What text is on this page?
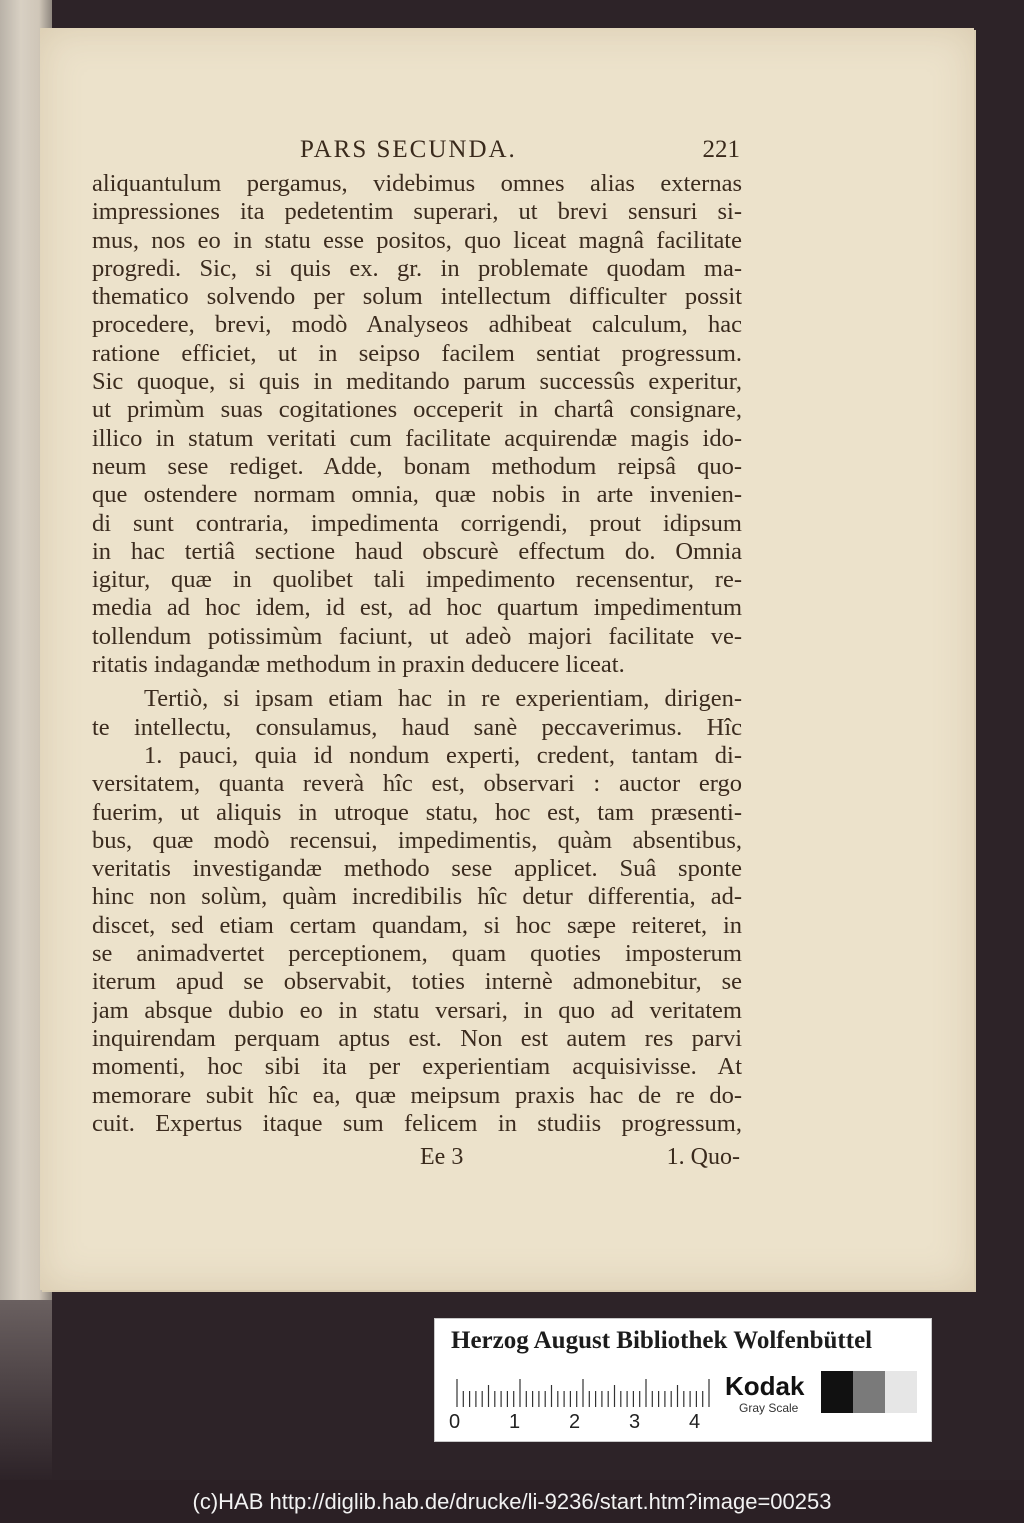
PARS SECUNDA.	221
aliquantulum pergamus, videbimus omnes alias externas
impressiones ita pedetentim superari, ut brevi sensuri si-
mus, nos eo in statu esse positos, quo liceat magnâ facilitate
progredi. Sic, si quis ex. gr. in problemate quodam ma-
thematico solvendo per solum intellectum difficulter possit
procedere, brevi, modò Analyseos adhibeat calculum, hac
ratione efficiet, ut in seipso facilem sentiat progressum.
Sic quoque, si quis in meditando parum successûs experitur,
ut primùm suas cogitationes occeperit in chartâ consignare,
illico in statum veritati cum facilitate acquirendæ magis ido-
neum sese rediget. Adde, bonam methodum reipsâ quo-
que ostendere normam omnia, quæ nobis in arte invenien-
di sunt contraria, impedimenta corrigendi, prout idipsum
in hac tertiâ sectione haud obscurè effectum do. Omnia
igitur, quæ in quolibet tali impedimento recensentur, re-
media ad hoc idem, id est, ad hoc quartum impedimentum
tollendum potissimùm faciunt, ut adeò majori facilitate ve-
ritatis indagandæ methodum in praxin deducere liceat.
Tertiò, si ipsam etiam hac in re experientiam, dirigen-
te intellectu, consulamus, haud sanè peccaverimus. Hîc
1. pauci, quia id nondum experti, credent, tantam di-
versitatem, quanta reverà hîc est, observari : auctor ergo
fuerim, ut aliquis in utroque statu, hoc est, tam præsenti-
bus, quæ modò recensui, impedimentis, quàm absentibus,
veritatis investigandæ methodo sese applicet. Suâ sponte
hinc non solùm, quàm incredibilis hîc detur differentia, ad-
discet, sed etiam certam quandam, si hoc sæpe reiteret, in
se animadvertet perceptionem, quam quoties imposterum
iterum apud se observabit, toties internè admonebitur, se
jam absque dubio eo in statu versari, in quo ad veritatem
inquirendam perquam aptus est. Non est autem res parvi
momenti, hoc sibi ita per experientiam acquisivisse. At
memorare subit hîc ea, quæ meipsum praxis hac de re do-
cuit. Expertus itaque sum felicem in studiis progressum,
Ee 3	1. Quo-
Herzog August Bibliothek Wolfenbüttel
0 1 2 3 4
Kodak
Gray Scale
(c)HAB http://diglib.hab.de/drucke/li-9236/start.htm?image=00253
